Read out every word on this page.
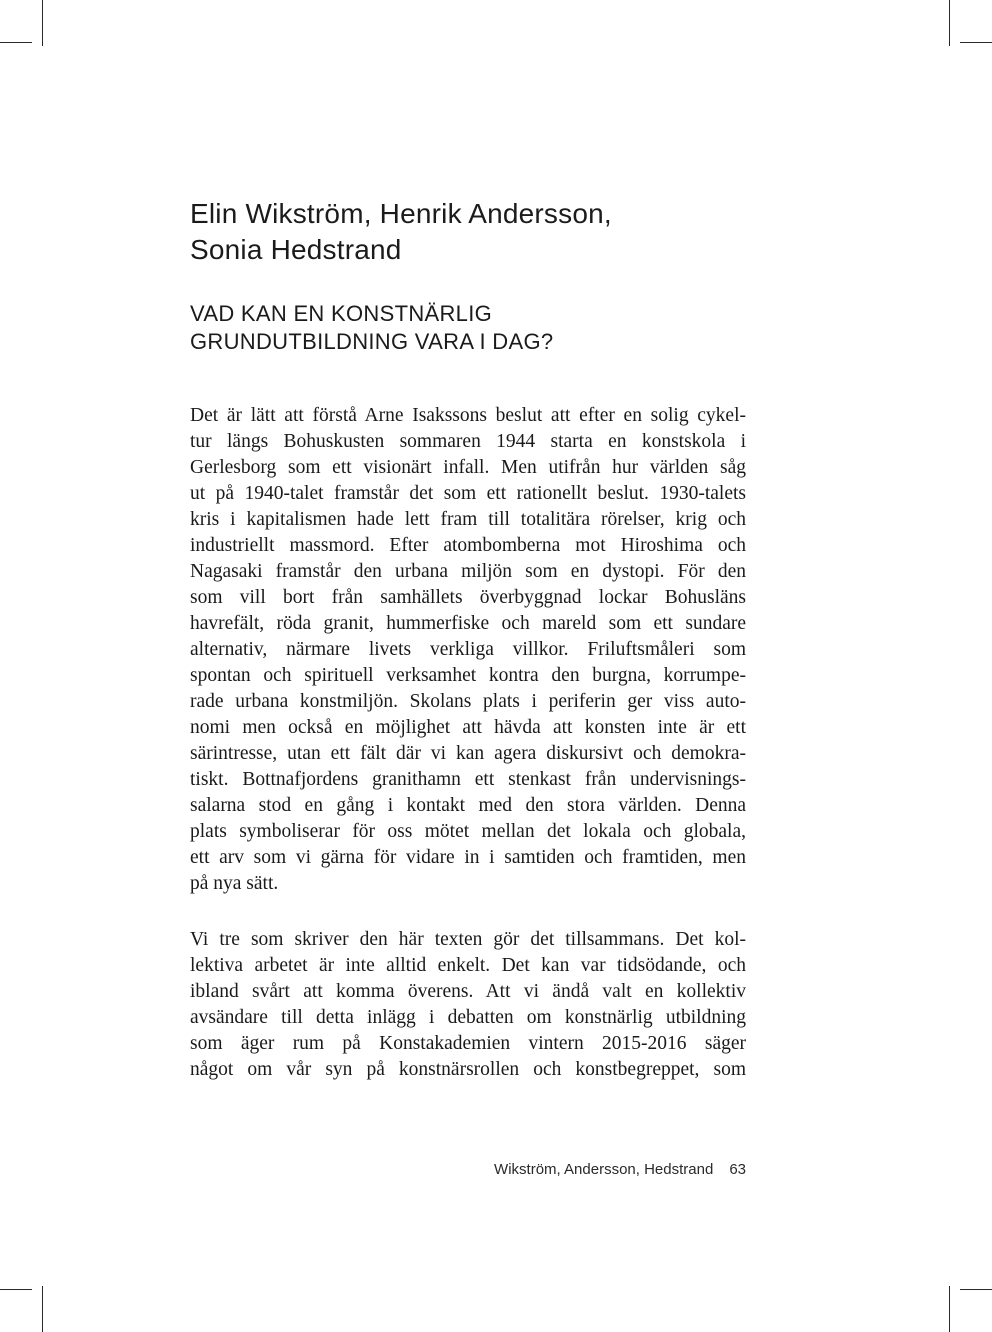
Elin Wikström, Henrik Andersson,
Sonia Hedstrand
VAD KAN EN KONSTNÄRLIG
GRUNDUTBILDNING VARA I DAG?
Det är lätt att förstå Arne Isakssons beslut att efter en solig cykel-
tur längs Bohuskusten sommaren 1944 starta en konstskola i
Gerlesborg som ett visionärt infall. Men utifrån hur världen såg
ut på 1940-talet framstår det som ett rationellt beslut. 1930-talets
kris i kapitalismen hade lett fram till totalitära rörelser, krig och
industriellt massmord. Efter atombomberna mot Hiroshima och
Nagasaki framstår den urbana miljön som en dystopi. För den
som vill bort från samhällets överbyggnad lockar Bohusläns
havrefält, röda granit, hummerfiske och mareld som ett sundare
alternativ, närmare livets verkliga villkor. Friluftsmåleri som
spontan och spirituell verksamhet kontra den burgna, korrumpe-
rade urbana konstmiljön. Skolans plats i periferin ger viss auto-
nomi men också en möjlighet att hävda att konsten inte är ett
särintresse, utan ett fält där vi kan agera diskursivt och demokra-
tiskt. Bottnafjordens granithamn ett stenkast från undervisnings-
salarna stod en gång i kontakt med den stora världen. Denna
plats symboliserar för oss mötet mellan det lokala och globala,
ett arv som vi gärna för vidare in i samtiden och framtiden, men
på nya sätt.
Vi tre som skriver den här texten gör det tillsammans. Det kol-
lektiva arbetet är inte alltid enkelt. Det kan var tidsödande, och
ibland svårt att komma överens. Att vi ändå valt en kollektiv
avsändare till detta inlägg i debatten om konstnärlig utbildning
som äger rum på Konstakademien vintern 2015-2016 säger
något om vår syn på konstnärsrollen och konstbegreppet, som
Wikström, Andersson, Hedstrand 63
